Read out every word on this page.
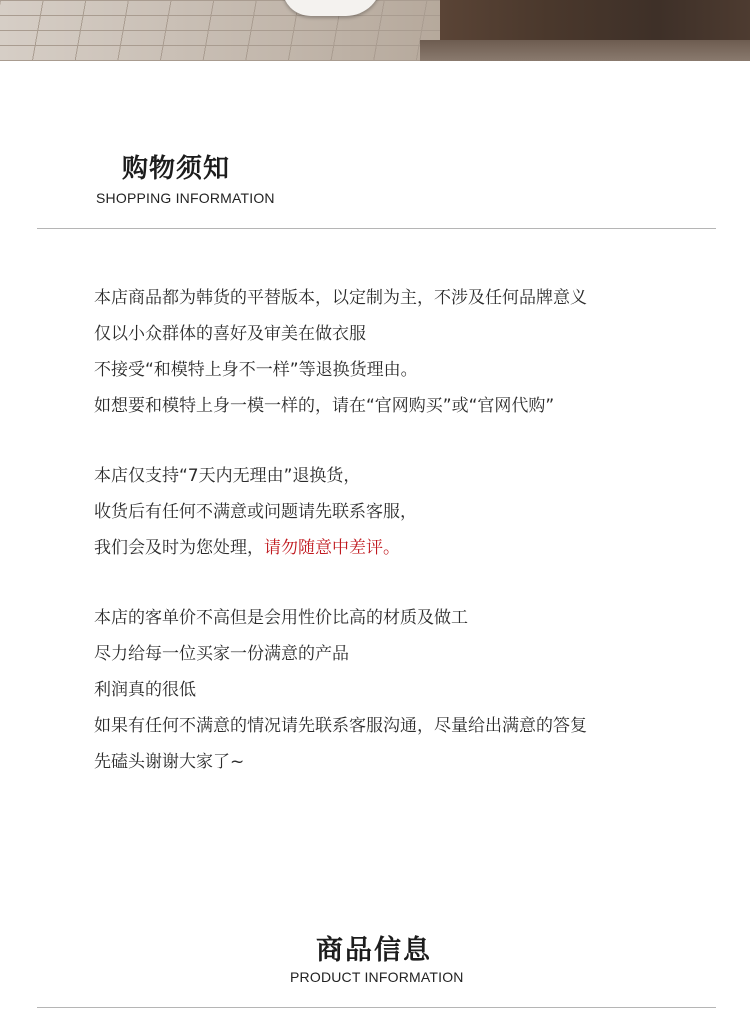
购物须知

SHOPPING INFORMATION

本店商品都为韩货的平替版本，以定制为主，不涉及任何品牌意义
仅以小众群体的喜好及审美在做衣服
不接受“和模特上身不一样”等退换货理由。
如想要和模特上身一模一样的，请在“官网购买”或“官网代购”
本店仅支持“7天内无理由”退换货，
收货后有任何不满意或问题请先联系客服，
我们会及时为您处理，请勿随意中差评。
本店的客单价不高但是会用性价比高的材质及做工
尽力给每一位买家一份满意的产品
利润真的很低
如果有任何不满意的情况请先联系客服沟通，尽量给出满意的答复
先磕头谢谢大家了~
商品信息

PRODUCT INFORMATION
